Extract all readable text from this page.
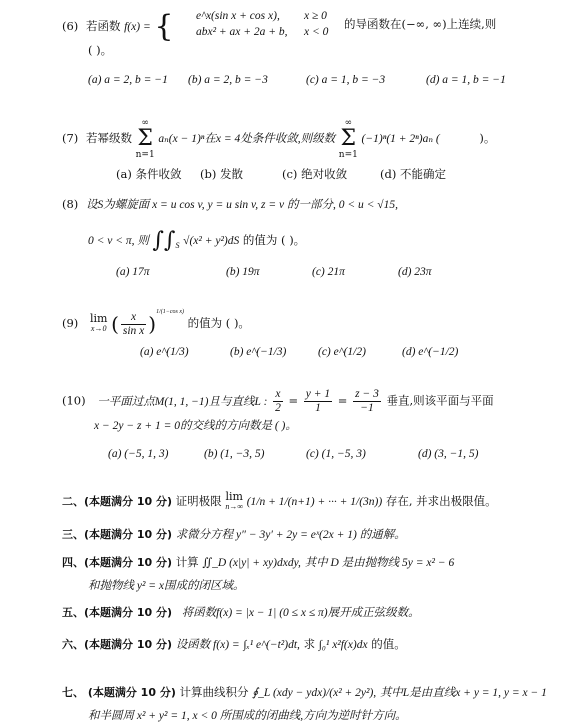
(6) 若函数 f(x) = { e^x(sin x + cos x), x ≥ 0
abx² + ax + 2a + b, x < 0
的导函数在(−∞, ∞)上连续,则
( )。
(a) a = 2, b = −1 (b) a = 2, b = −3	(c) a = 1, b = −3	(d) a = 1, b = −1
(7) 若幂级数
∞
Σ
n=1
aₙ(x − 1)ⁿ在x = 4处条件收敛,则级数
∞
Σ
n=1
(−1)ⁿ(1 + 2ⁿ)aₙ (	)。
(a) 条件收敛 (b) 发散	(c) 绝对收敛	(d) 不能确定
(8) 设S为螺旋面 x = u cos v, y = u sin v, z = v 的一部分, 0 < u < √15,
0 < v < π, 则 $\int\int_S$ √(x² + y²)dS 的值为 ( )。
(a) 17π	(b) 19π	(c) 21π	(d) 23π
(9) lim
x→0 ( $\frac{x}{\text{sin x}} )^{1/(1-cos x)}$ 的值为 ( )。
(a) e^(1/3)	(b) e^(−1/3)	(c) e^(1/2)	(d) e^(−1/2)
(10) 一平面过点M(1, 1, −1)且与直线L : $\frac{x}{2} = \frac{y + 1}{1} = \frac{z - 3}{-1}$ 垂直,则该平面与平面
x − 2y − z + 1 = 0的交线的方向数是 ( )。
(a) (−5, 1, 3)	(b) (1, −3, 5)	(c) (1, −5, 3)	(d) (3, −1, 5)
二、(本题满分 10 分) 证明极限 lim
n→∞ (1/n + 1/(n+1) + ··· + 1/(3n)) 存在, 并求出极限值。
三、(本题满分 10 分) 求微分方程 y″ − 3y′ + 2y = eˣ(2x + 1) 的通解。
四、(本题满分 10 分) 计算 ∬_D (x|y| + xy)dxdy, 其中 D 是由抛物线 5y = x² − 6
和抛物线 y² = x围成的闭区域。
五、(本题满分 10 分) 将函数f(x) = |x − 1| (0 ≤ x ≤ π)展开成正弦级数。
六、(本题满分 10 分) 设函数 f(x) = ∫ₓ¹ e^(−t²)dt, 求 ∫₀¹ x²f(x)dx 的值。
七、 (本题满分 10 分) 计算曲线积分 ∮_L (xdy − ydx)/(x² + 2y²), 其中L是由直线x + y = 1, y = x − 1
和半圆周 x² + y² = 1, x < 0 所围成的闭曲线,方向为逆时针方向。
